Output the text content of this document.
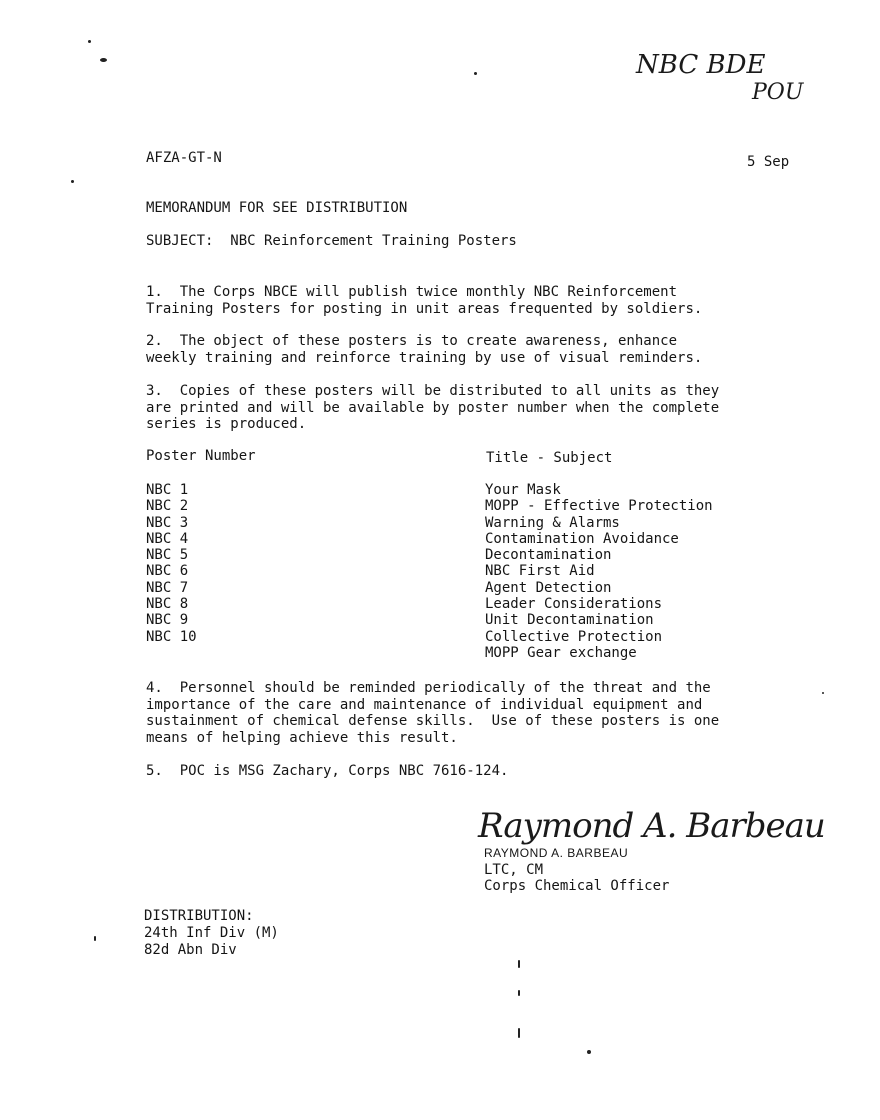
NBC BDE
POU
AFZA-GT-N	5 Sep
MEMORANDUM FOR SEE DISTRIBUTION
SUBJECT:  NBC Reinforcement Training Posters
1.  The Corps NBCE will publish twice monthly NBC Reinforcement
Training Posters for posting in unit areas frequented by soldiers.
2.  The object of these posters is to create awareness, enhance
weekly training and reinforce training by use of visual reminders.
3.  Copies of these posters will be distributed to all units as they
are printed and will be available by poster number when the complete
series is produced.
Poster Number	Title - Subject
NBC 1
NBC 2
NBC 3
NBC 4
NBC 5
NBC 6
NBC 7
NBC 8
NBC 9
NBC 10
Your Mask
MOPP - Effective Protection
Warning & Alarms
Contamination Avoidance
Decontamination
NBC First Aid
Agent Detection
Leader Considerations
Unit Decontamination
Collective Protection
MOPP Gear exchange
4.  Personnel should be reminded periodically of the threat and the
importance of the care and maintenance of individual equipment and
sustainment of chemical defense skills.  Use of these posters is one
means of helping achieve this result.
5.  POC is MSG Zachary, Corps NBC 7616-124.
Raymond A. Barbeau
RAYMOND A. BARBEAU
LTC, CM
Corps Chemical Officer
DISTRIBUTION:
24th Inf Div (M)
82d Abn Div
